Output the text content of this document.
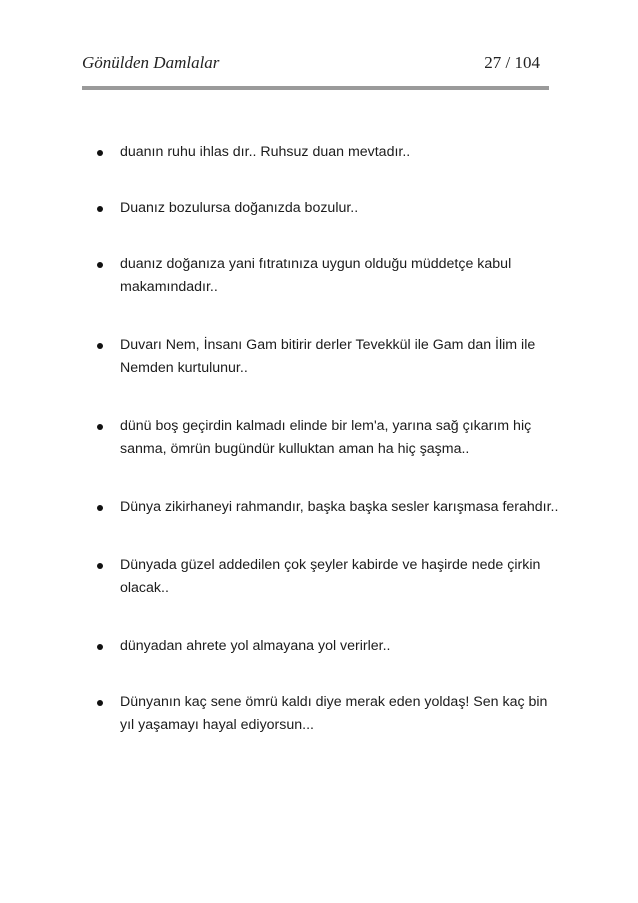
Gönülden Damlalar	27 / 104
duanın ruhu ihlas dır.. Ruhsuz duan mevtadır..
Duanız bozulursa doğanızda bozulur..
duanız doğanıza yani fıtratınıza uygun olduğu müddetçe kabul makamındadır..
Duvarı Nem, İnsanı Gam bitirir derler Tevekkül ile Gam dan İlim ile Nemden kurtulunur..
dünü boş geçirdin kalmadı elinde bir lem'a, yarına sağ çıkarım hiç sanma, ömrün bugündür kulluktan aman ha hiç şaşma..
Dünya zikirhaneyi rahmandır, başka başka sesler karışmasa ferahdır..
Dünyada güzel addedilen çok şeyler kabirde ve haşirde nede çirkin olacak..
dünyadan ahrete yol almayana yol verirler..
Dünyanın kaç sene ömrü kaldı diye merak eden yoldaş! Sen kaç bin yıl yaşamayı hayal ediyorsun...
